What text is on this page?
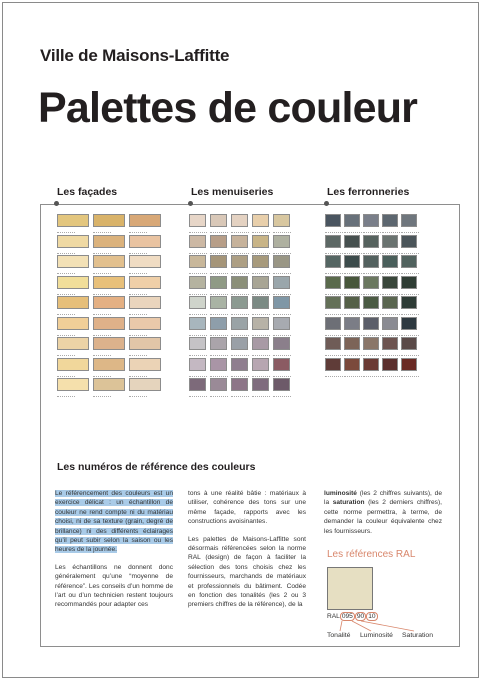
Ville de Maisons-Laffitte
Palettes de couleur
Les façades	Les menuiseries	Les ferronneries
Les numéros de référence des couleurs

Le référencement des couleurs est un exercice délicat : un échantillon de couleur ne rend compte ni du matériau choisi, ni de sa texture (grain, degré de brillance) ni des différents éclairages qu’il peut subir selon la saison ou les heures de la journée.

Les échantillons ne donnent donc généralement qu’une “moyenne de référence”. Les conseils d’un homme de l’art ou d’un technicien restent toujours recommandés pour adapter ces

tons à une réalité bâtie : matériaux à utiliser, cohérence des tons sur une même façade, rapports avec les constructions avoisinantes.

Les palettes de Maisons-Laffitte sont désormais référencées selon la norme RAL (design) de façon à faciliter la sélection des tons choisis chez les fournisseurs, marchands de matériaux et professionnels du bâtiment. Codée en fonction des tonalités (les 2 ou 3 premiers chiffres de la référence), de la

luminosité (les 2 chiffres suivants), de la saturation (les 2 derniers chiffres), cette norme permettra, à terme, de demander la couleur équivalente chez les fournisseurs.

Les références RAL
RAL 095 90 10
Tonalité Luminosité Saturation
